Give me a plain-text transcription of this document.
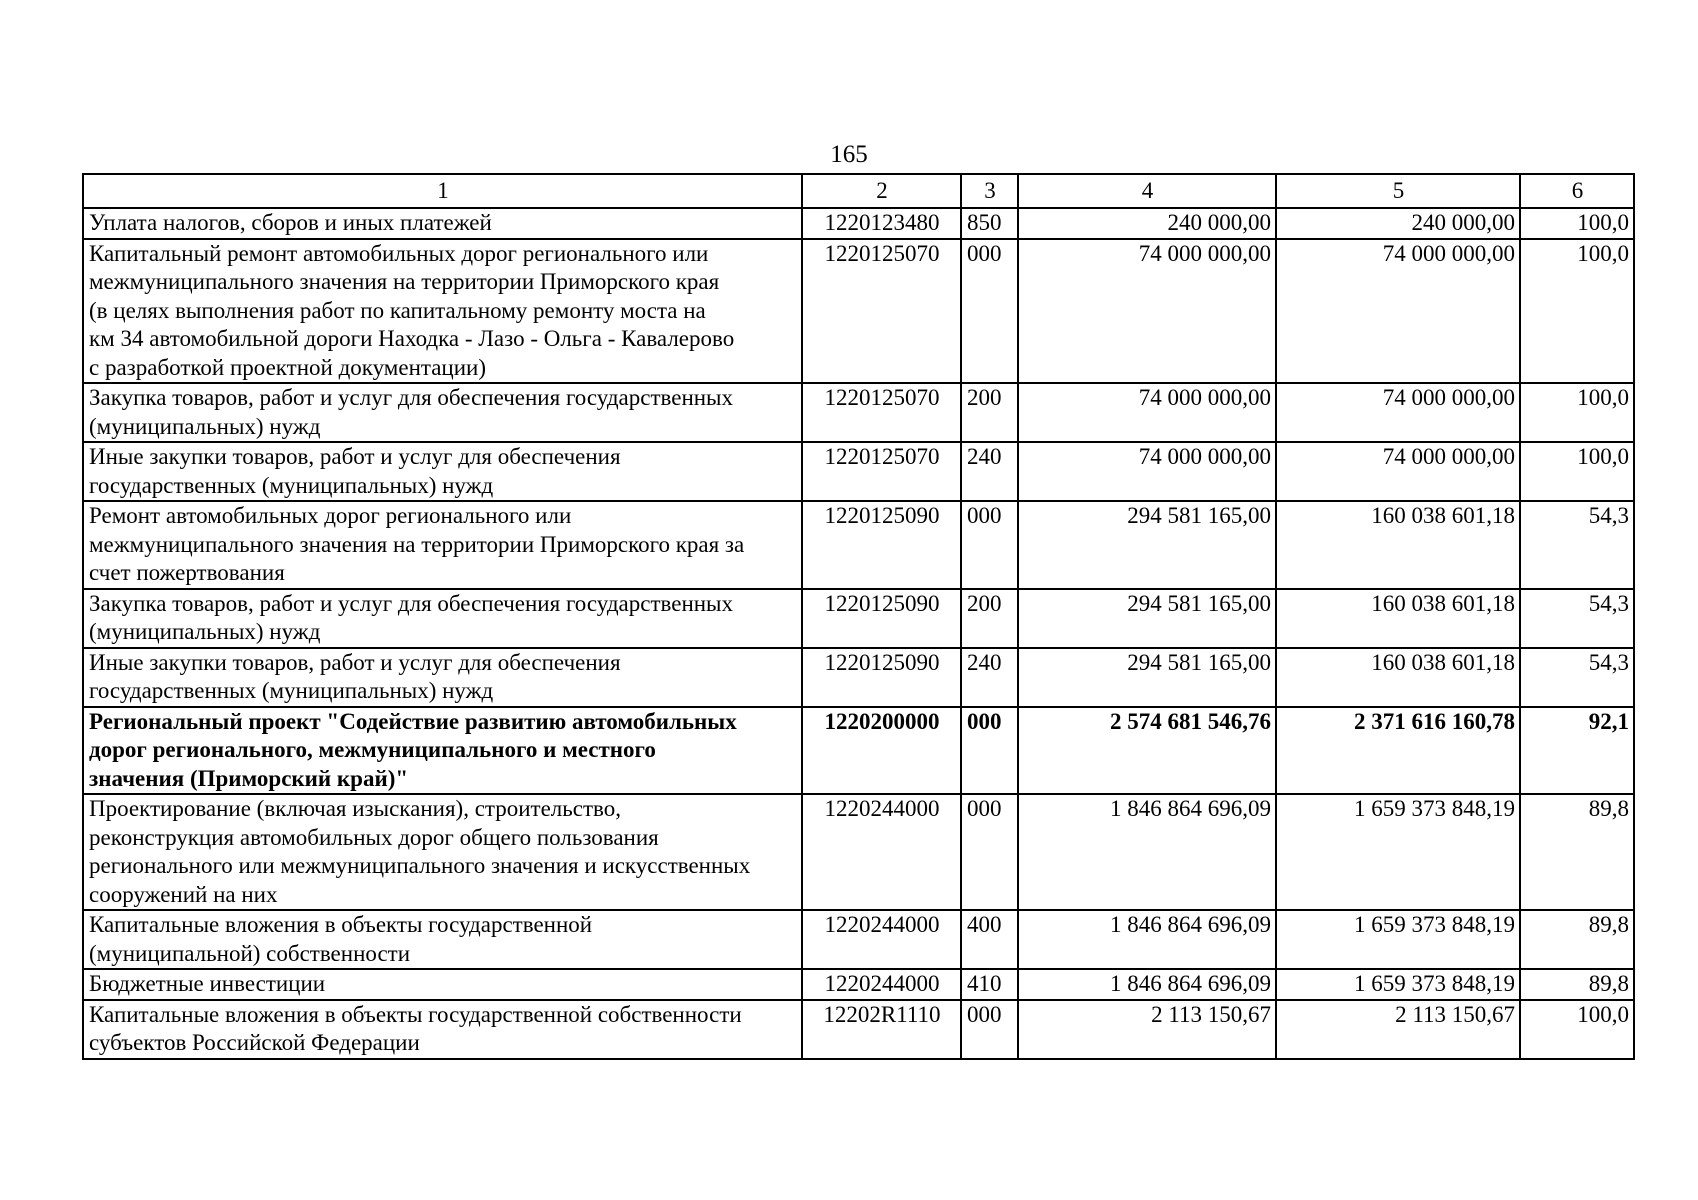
165
1	2	3	4	5	6
Уплата налогов, сборов и иных платежей	1220123480	850	240 000,00	240 000,00	100,0
Капитальный ремонт автомобильных дорог регионального или
межмуниципального значения на территории Приморского края
(в целях выполнения работ по капитальному ремонту моста на
км 34 автомобильной дороги Находка - Лазо - Ольга - Кавалерово
с разработкой проектной документации)	1220125070	000	74 000 000,00	74 000 000,00	100,0
Закупка товаров, работ и услуг для обеспечения государственных
(муниципальных) нужд	1220125070	200	74 000 000,00	74 000 000,00	100,0
Иные закупки товаров, работ и услуг для обеспечения
государственных (муниципальных) нужд	1220125070	240	74 000 000,00	74 000 000,00	100,0
Ремонт автомобильных дорог регионального или
межмуниципального значения на территории Приморского края за
счет пожертвования	1220125090	000	294 581 165,00	160 038 601,18	54,3
Закупка товаров, работ и услуг для обеспечения государственных
(муниципальных) нужд	1220125090	200	294 581 165,00	160 038 601,18	54,3
Иные закупки товаров, работ и услуг для обеспечения
государственных (муниципальных) нужд	1220125090	240	294 581 165,00	160 038 601,18	54,3
Региональный проект "Содействие развитию автомобильных
дорог регионального, межмуниципального и местного
значения (Приморский край)"	1220200000	000	2 574 681 546,76	2 371 616 160,78	92,1
Проектирование (включая изыскания), строительство,
реконструкция автомобильных дорог общего пользования
регионального или межмуниципального значения и искусственных
сооружений на них	1220244000	000	1 846 864 696,09	1 659 373 848,19	89,8
Капитальные вложения в объекты государственной
(муниципальной) собственности	1220244000	400	1 846 864 696,09	1 659 373 848,19	89,8
Бюджетные инвестиции	1220244000	410	1 846 864 696,09	1 659 373 848,19	89,8
Капитальные вложения в объекты государственной собственности
субъектов Российской Федерации	12202R1110	000	2 113 150,67	2 113 150,67	100,0
